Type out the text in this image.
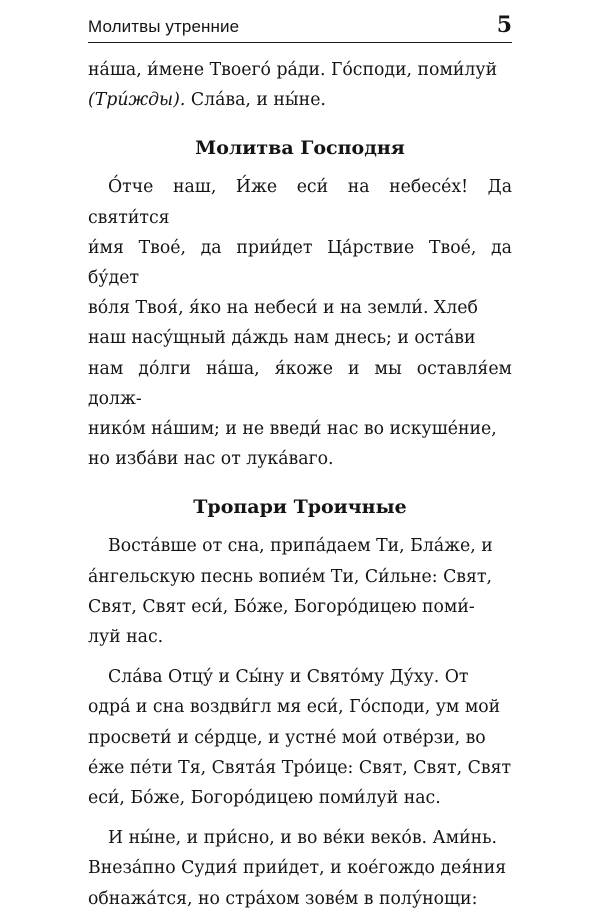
Молитвы утренние	5

на́ша, и́мене Твоего́ ра́ди. Го́споди, поми́луй
(Три́жды). Сла́ва, и ны́не.

Молитва Господня

О́тче наш, И́же еси́ на небесе́х! Да святи́тся
и́мя Твое́, да прии́дет Ца́рствие Твое́, да бу́дет
во́ля Твоя́, я́ко на небеси́ и на земли́. Хлеб
наш насу́щный да́ждь нам днесь; и оста́ви
нам до́лги на́ша, я́коже и мы оставля́ем долж-
нико́м на́шим; и не введи́ нас во искуше́ние,
но изба́ви нас от лука́ваго.

Тропари Троичные

Воста́вше от сна, припа́даем Ти, Бла́же, и
а́нгельскую песнь вопие́м Ти, Си́льне: Свят,
Свят, Свят еси́, Бо́же, Богоро́дицею поми́-
луй нас.

Сла́ва Отцу́ и Сы́ну и Свято́му Ду́ху. От
одра́ и сна воздви́гл мя еси́, Го́споди, ум мой
просвети́ и се́рдце, и устне́ мои́ отве́рзи, во
е́же пе́ти Тя, Свята́я Тро́ице: Свят, Свят, Свят
еси́, Бо́же, Богоро́дицею поми́луй нас.

И ны́не, и при́сно, и во ве́ки веко́в. Ами́нь.
Внеза́пно Судия́ прии́дет, и кое́гождо дея́ния
обнажа́тся, но стра́хом зове́м в полу́нощи:
